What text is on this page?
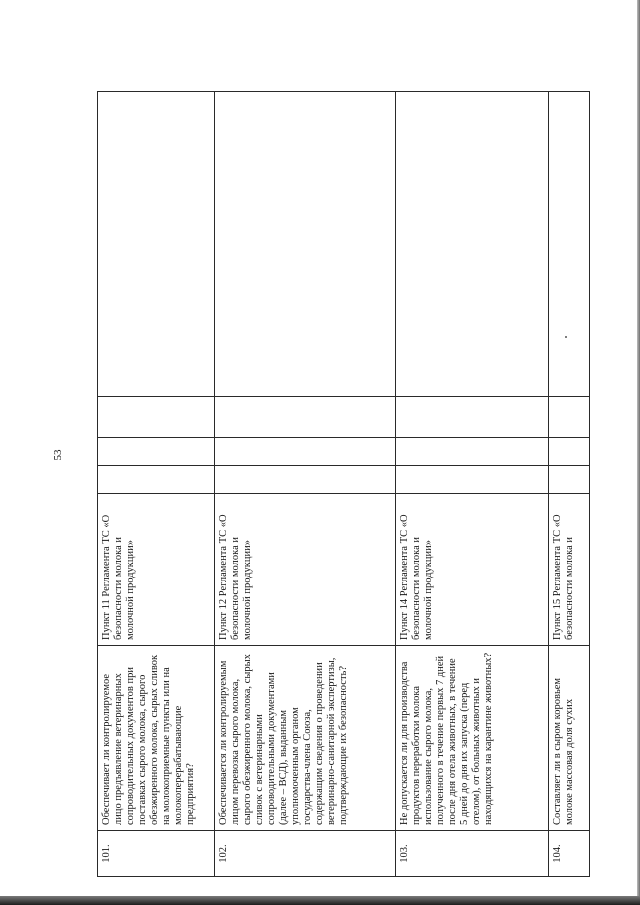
53
101.	Обеспечивает ли контролируемое лицо предъявление ветеринарных сопроводительных документов при поставках сырого молока, сырого обезжиренного молока, сырых сливок на молокоприемные пункты или на молокоперерабатывающие предприятия?	Пункт 11 Регламента ТС «О безопасности молока и молочной продукции»				
102.	Обеспечивается ли контролируемым лицом перевозка сырого молока, сырого обезжиренного молока, сырых сливок с ветеринарными сопроводительными документами (далее – ВСД), выданным уполномоченным органом государства-члена Союза, содержащим сведения о проведении ветеринарно-санитарной экспертизы, подтверждающие их безопасность?	Пункт 12 Регламента ТС «О безопасности молока и молочной продукции»				
103.	Не допускается ли для производства продуктов переработки молока использование сырого молока, полученного в течение первых 7 дней после дня отела животных, в течение 5 дней до дня их запуска (перед отелом), от больных животных и находящихся на карантине животных?	Пункт 14 Регламента ТС «О безопасности молока и молочной продукции»				
104.	Составляет ли в сыром коровьем молоке массовая доля сухих	Пункт 15 Регламента ТС «О безопасности молока и				
